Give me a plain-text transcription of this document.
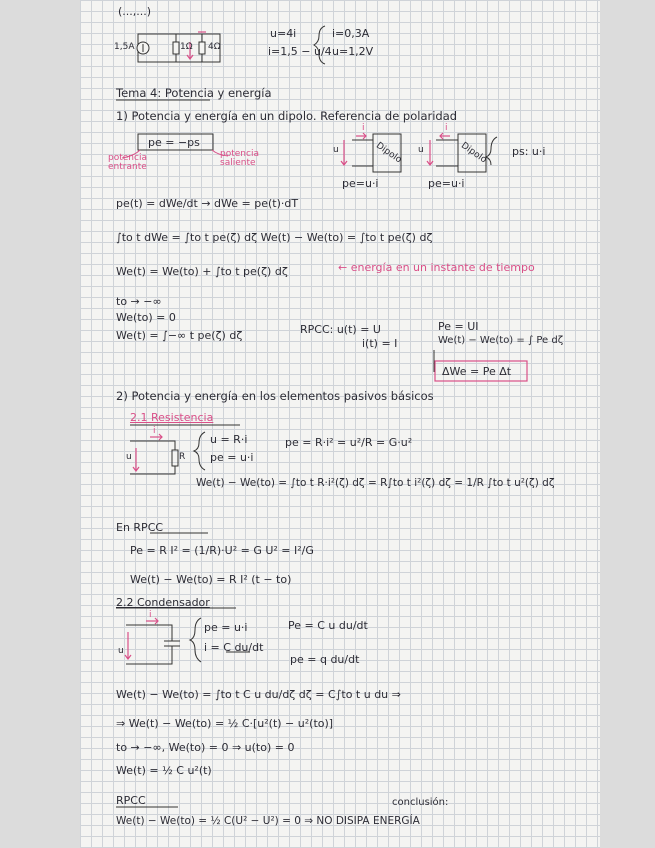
(...,...)
1,5A	1Ω 4Ω
u=4i
i=1,5 − u/4
i=0,3A
u=1,2V
Tema 4: Potencia y energía
1) Potencia y energía en un dipolo. Referencia de polaridad
pe = −ps
potencia entrante
potencia saliente
ps: u·i
Dipolo	Dipolo
u	u
i	i
pe=u·i	pe=u·i
pe(t) = dWe/dt → dWe = pe(t)·dT
∫to t dWe = ∫to t pe(ζ) dζ We(t) − We(to) = ∫to t pe(ζ) dζ
We(t) = We(to) + ∫to t pe(ζ) dζ	← energía en un instante de tiempo
to → −∞
We(to) = 0
We(t) = ∫−∞ t pe(ζ) dζ	RPCC: u(t) = U
i(t) = I
Pe = UI
We(t) − We(to) = ∫ Pe dζ
ΔWe = Pe Δt
2) Potencia y energía en los elementos pasivos básicos
2.1 Resistencia
R
u
i
u = R·i
pe = u·i
pe = R·i² = u²/R = G·u²
We(t) − We(to) = ∫to t R·i²(ζ) dζ = R∫to t i²(ζ) dζ = 1/R ∫to t u²(ζ) dζ
En RPCC
Pe = R I² = (1/R)·U² = G U² = I²/G
We(t) − We(to) = R I² (t − to)
2.2 Condensador
u
i
pe = u·i
i = C du/dt
Pe = C u du/dt
pe = q du/dt
We(t) − We(to) = ∫to t C u du/dζ dζ = C∫to t u du ⇒
⇒ We(t) − We(to) = ½ C·[u²(t) − u²(to)]
to → −∞, We(to) = 0 ⇒ u(to) = 0
We(t) = ½ C u²(t)
RPCC	conclusión:
We(t) − We(to) = ½ C(U² − U²) = 0 ⇒ NO DISIPA ENERGÍA
